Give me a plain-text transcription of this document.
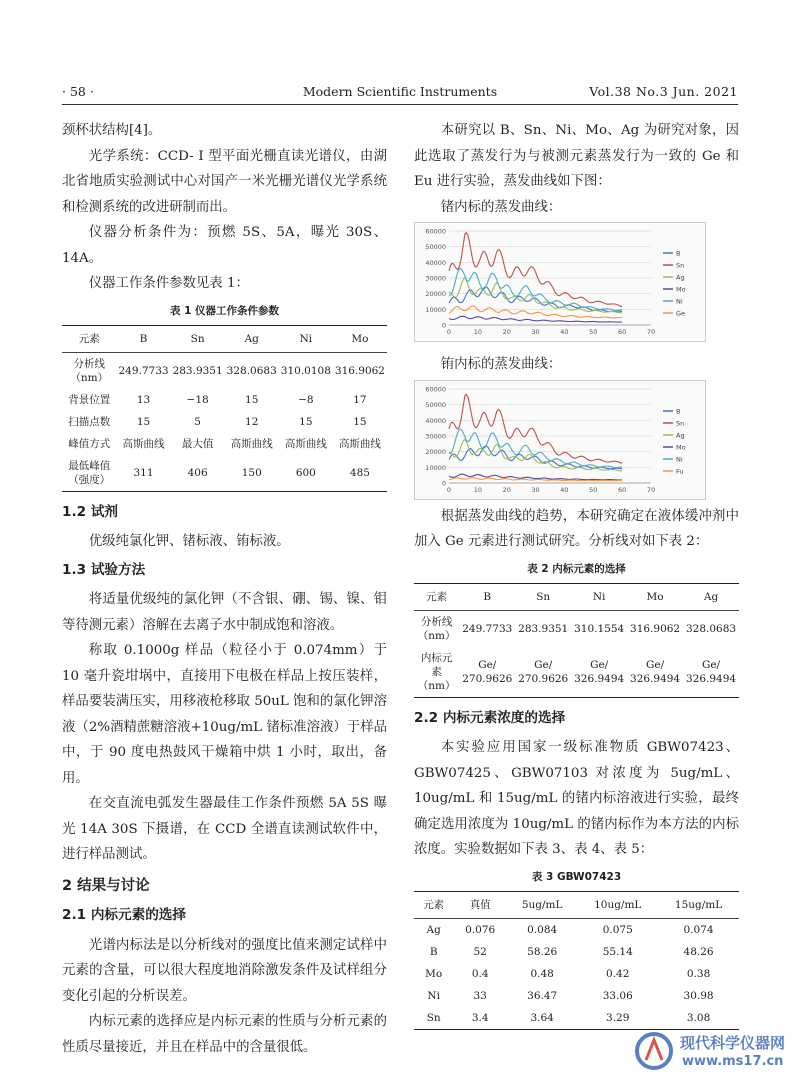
· 58 ·	Modern Scientific Instruments	Vol.38 No.3 Jun. 2021

颈杯状结构[4]。

光学系统：CCD- I 型平面光栅直读光谱仪，由湖北省地质实验测试中心对国产一米光栅光谱仪光学系统和检测系统的改进研制而出。

仪器分析条件为：预燃 5S、5A，曝光 30S、14A。

仪器工作条件参数见表 1：

表 1 仪器工作条件参数
元素	B	Sn	Ag	Ni	Mo
分析线（nm）	249.7733	283.9351	328.0683	310.0108	316.9062
背景位置	13	−18	15	−8	17
扫描点数	15	5	12	15	15
峰值方式	高斯曲线	最大值	高斯曲线	高斯曲线	高斯曲线
最低峰值（强度）	311	406	150	600	485
1.2 试剂

优级纯氯化钾、锗标液、铕标液。

1.3 试验方法

将适量优级纯的氯化钾（不含银、硼、锡、镍、钼等待测元素）溶解在去离子水中制成饱和溶液。

称取 0.1000g 样品（粒径小于 0.074mm）于 10 毫升瓷坩埚中，直接用下电极在样品上按压装样，样品要装满压实，用移液枪移取 50uL 饱和的氯化钾溶液（2%酒精蔗糖溶液+10ug/mL 锗标准溶液）于样品中，于 90 度电热鼓风干燥箱中烘 1 小时，取出，备用。

在交直流电弧发生器最佳工作条件预燃 5A 5S 曝光 14A 30S 下摄谱，在 CCD 全谱直读测试软件中，进行样品测试。

2 结果与讨论
2.1 内标元素的选择

光谱内标法是以分析线对的强度比值来测定试样中元素的含量，可以很大程度地消除激发条件及试样组分变化引起的分析误差。

内标元素的选择应是内标元素的性质与分析元素的性质尽量接近，并且在样品中的含量很低。

本研究以 B、Sn、Ni、Mo、Ag 为研究对象，因此选取了蒸发行为与被测元素蒸发行为一致的 Ge 和 Eu 进行实验，蒸发曲线如下图：

锗内标的蒸发曲线：

0
10000
20000
30000
40000
50000
60000
0	10	20	30	40	50	60	70
B
Sn
Ag
Mo
Ni
Ge

铕内标的蒸发曲线：

0
10000
20000
30000
40000
50000
60000
0	10	20	30	40	50	60	70
B
Sn
Ag
Mo
Ni
Fu

根据蒸发曲线的趋势，本研究确定在液体缓冲剂中加入 Ge 元素进行测试研究。分析线对如下表 2：

表 2 内标元素的选择
元素	B	Sn	Ni	Mo	Ag
分析线（nm）	249.7733	283.9351	310.1554	316.9062	328.0683
内标元素（nm）	Ge/ 270.9626	Ge/ 270.9626	Ge/ 326.9494	Ge/ 326.9494	Ge/ 326.9494
2.2 内标元素浓度的选择

本实验应用国家一级标准物质 GBW07423、GBW07425、GBW07103 对浓度为 5ug/mL、10ug/mL 和 15ug/mL 的锗内标溶液进行实验，最终确定选用浓度为 10ug/mL 的锗内标作为本方法的内标浓度。实验数据如下表 3、表 4、表 5：

表 3 GBW07423
元素	真值	5ug/mL	10ug/mL	15ug/mL
Ag	0.076	0.084	0.075	0.074
B	52	58.26	55.14	48.26
Mo	0.4	0.48	0.42	0.38
Ni	33	36.47	33.06	30.98
Sn	3.4	3.64	3.29	3.08
现代科学仪器网
www.ms17.cn
